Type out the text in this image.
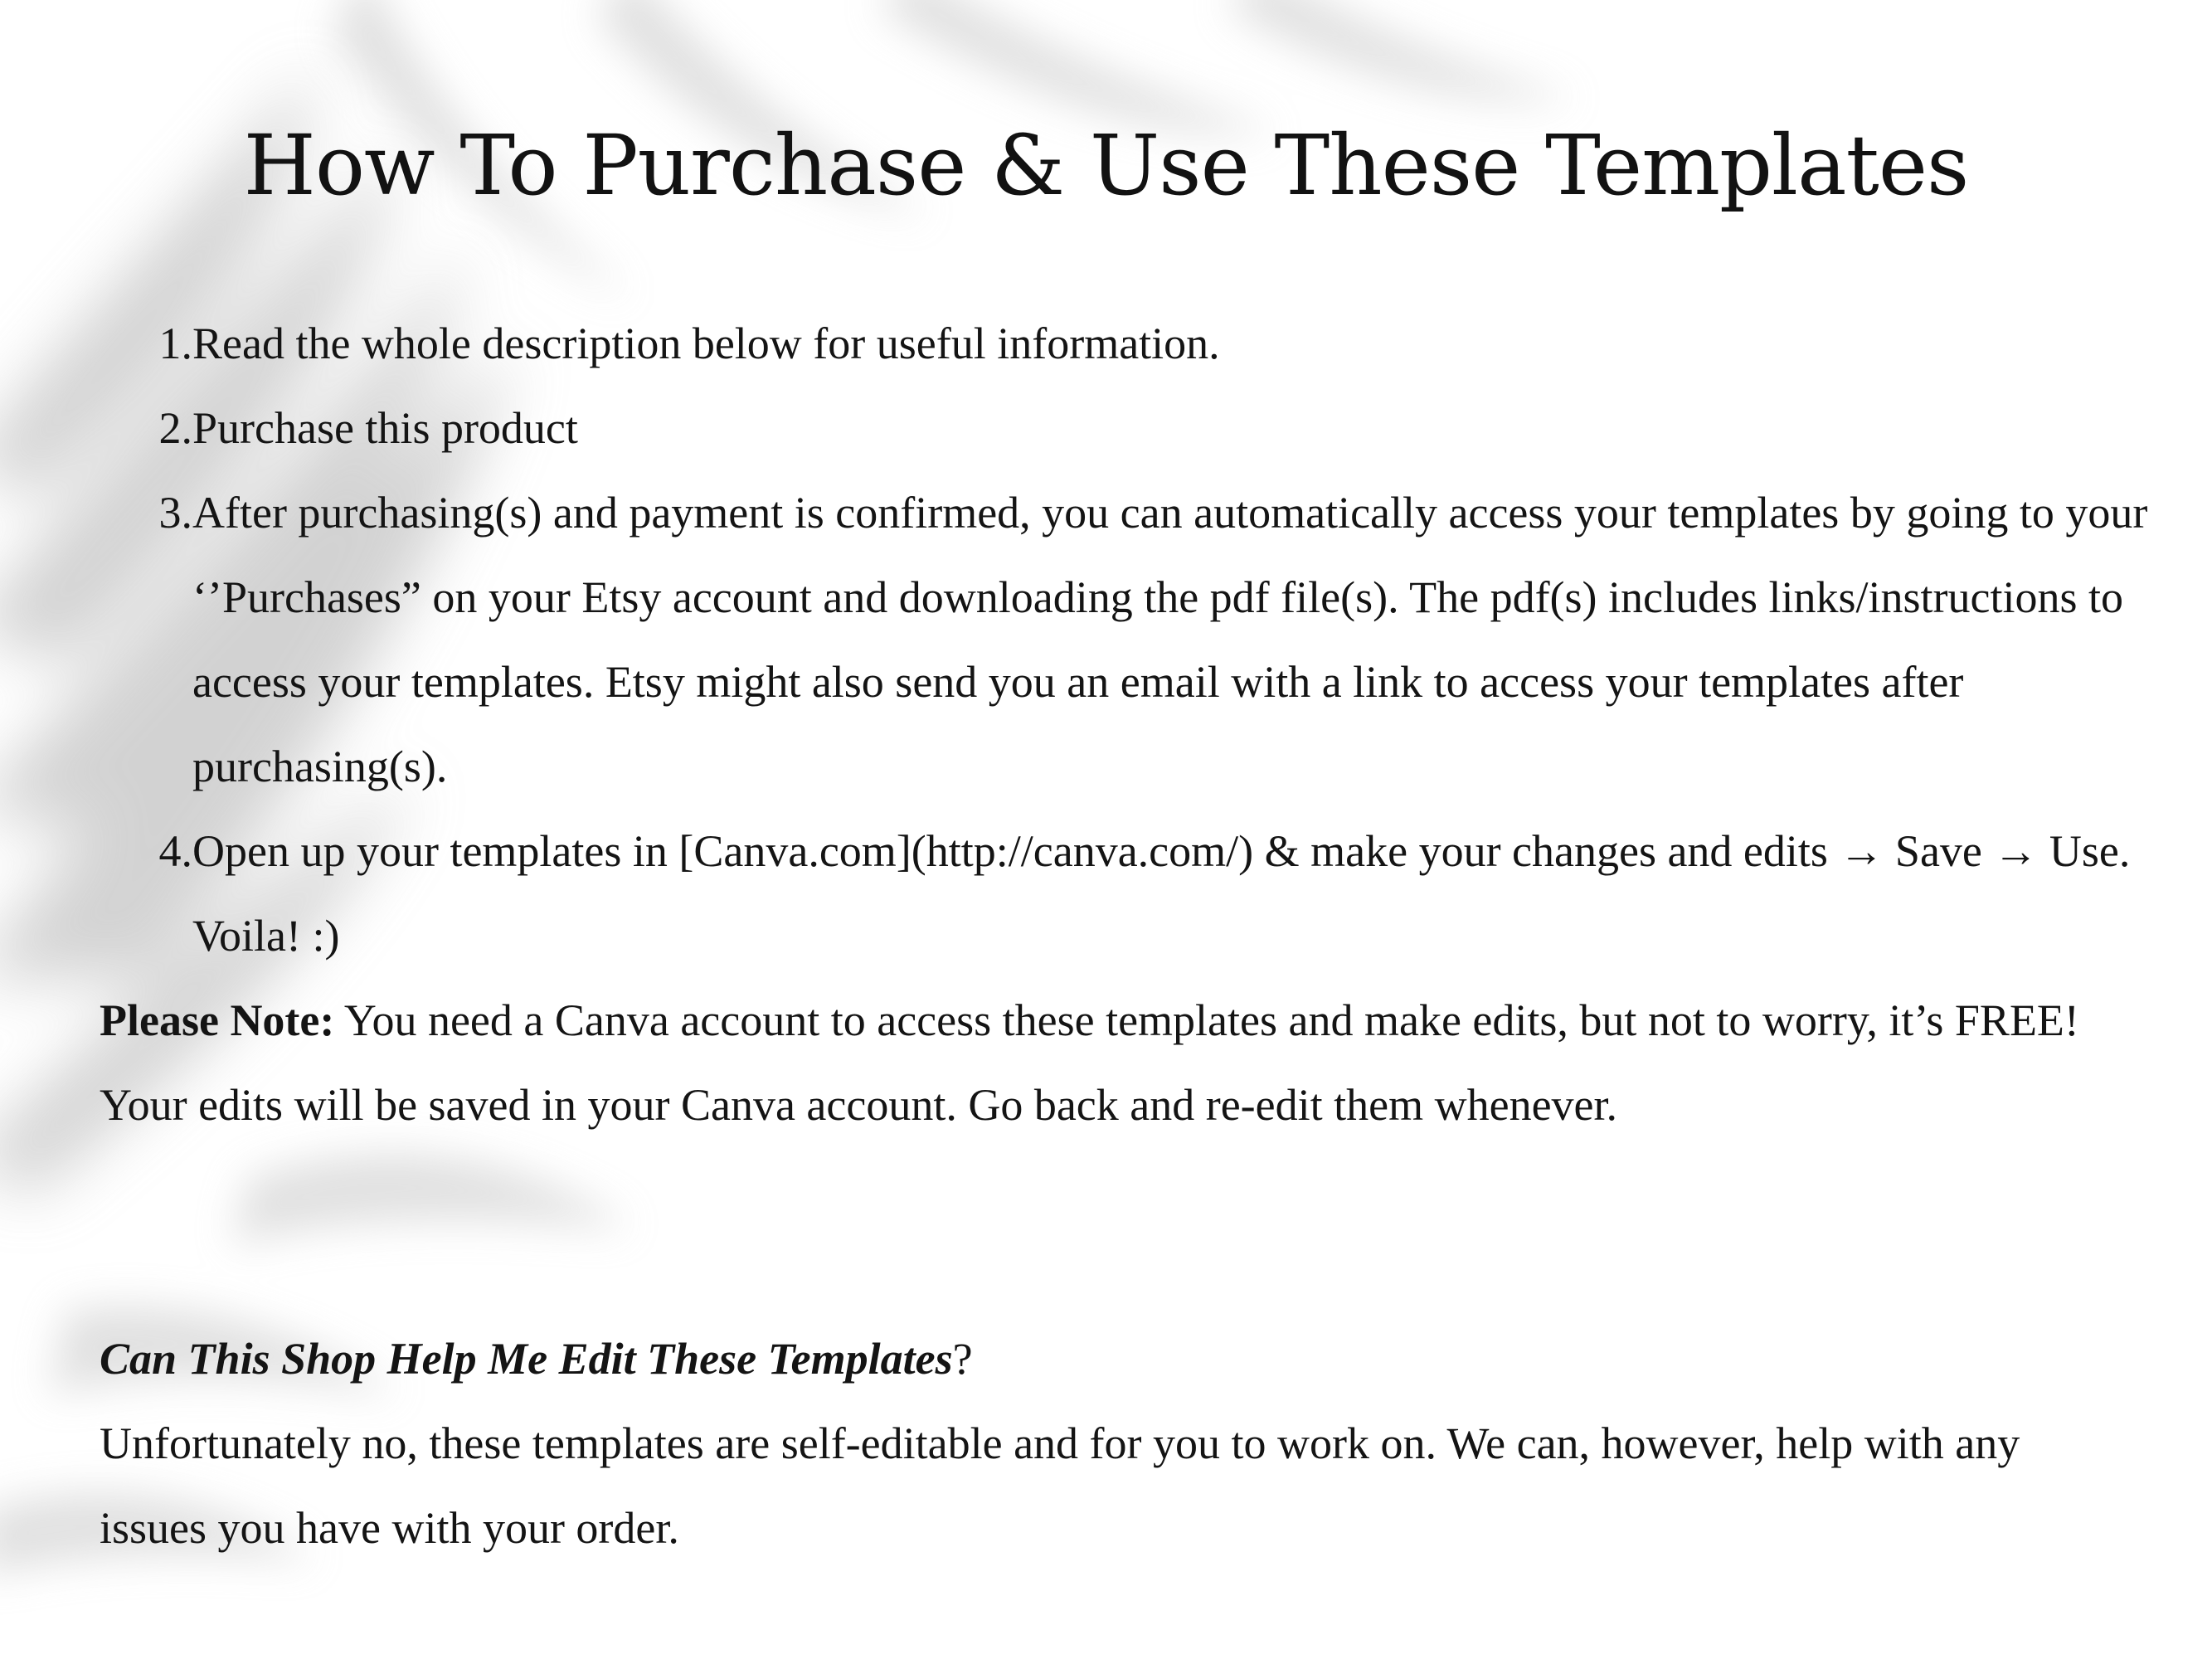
How To Purchase & Use These Templates
1. Read the whole description below for useful information.
2. Purchase this product
3. After purchasing(s) and payment is confirmed, you can automatically access your templates by going to your ‘’Purchases” on your Etsy account and downloading the pdf file(s). The pdf(s) includes links/instructions to access your templates. Etsy might also send you an email with a link to access your templates after purchasing(s).
4. Open up your templates in [Canva.com](http://canva.com/) & make your changes and edits → Save → Use. Voila! :)

Please Note: You need a Canva account to access these templates and make edits, but not to worry, it’s FREE! Your edits will be saved in your Canva account. Go back and re-edit them whenever.

Can This Shop Help Me Edit These Templates?

Unfortunately no, these templates are self-editable and for you to work on. We can, however, help with any issues you have with your order.
